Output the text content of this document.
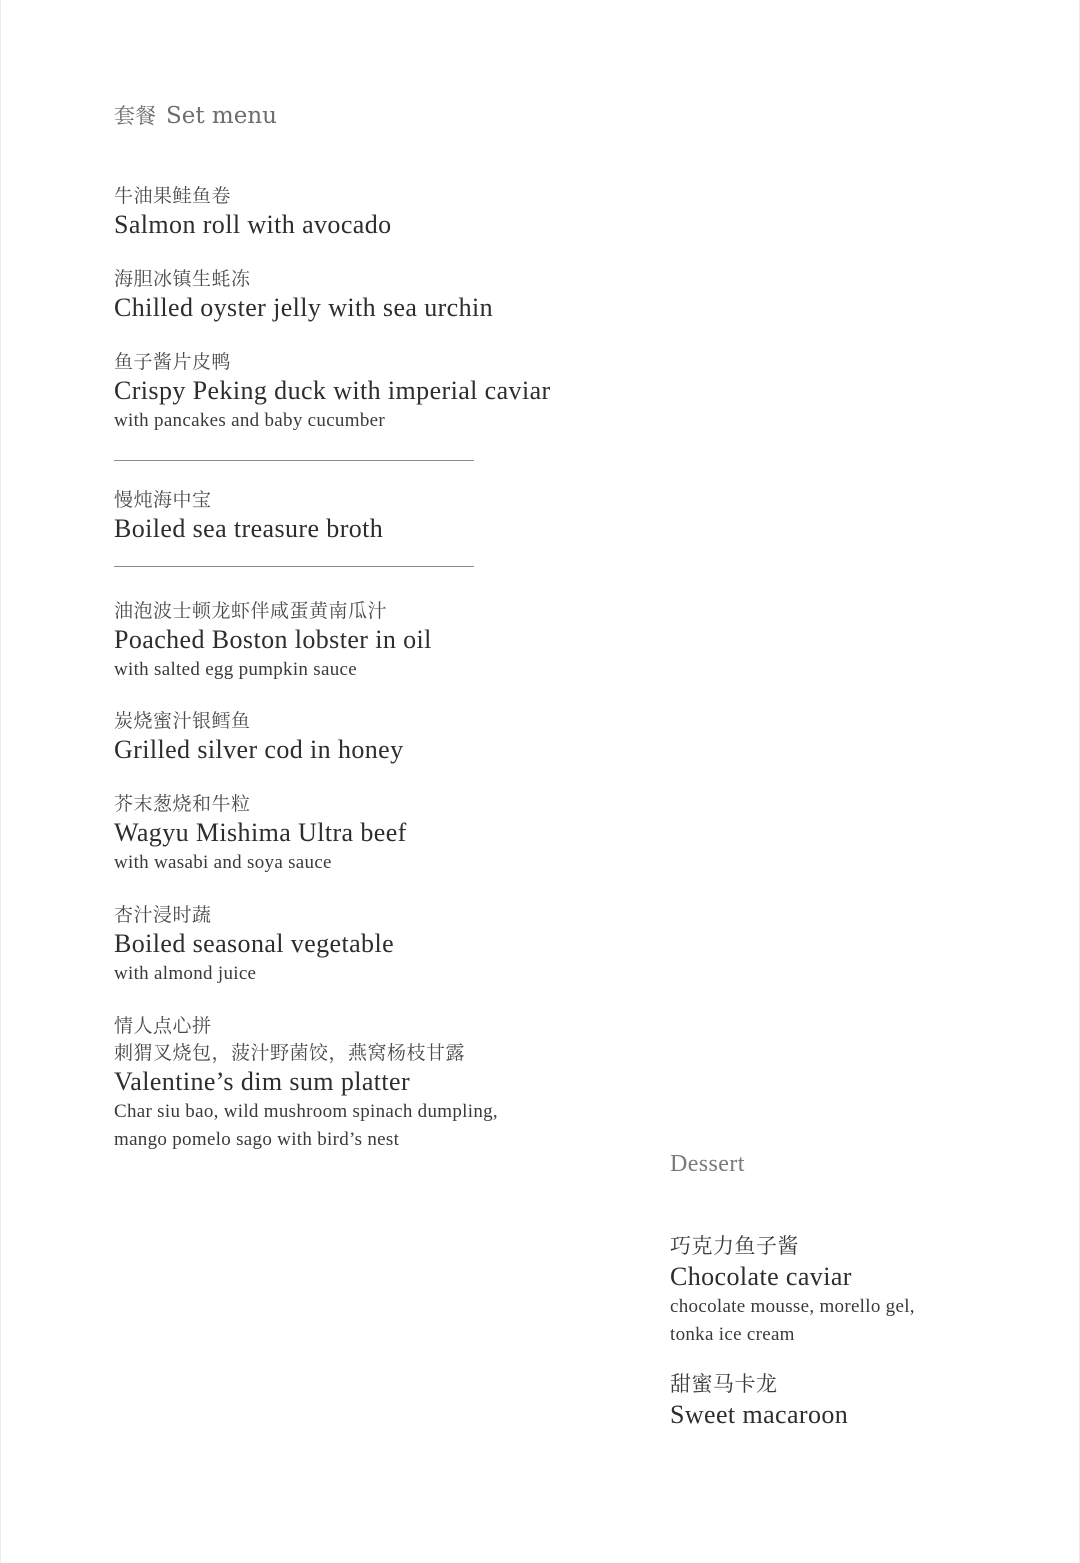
套餐 Set menu
牛油果鲑鱼卷
Salmon roll with avocado
海胆冰镇生蚝冻
Chilled oyster jelly with sea urchin
鱼子酱片皮鸭
Crispy Peking duck with imperial caviar
with pancakes and baby cucumber
慢炖海中宝
Boiled sea treasure broth
油泡波士顿龙虾伴咸蛋黄南瓜汁
Poached Boston lobster in oil
with salted egg pumpkin sauce
炭烧蜜汁银鳕鱼
Grilled silver cod in honey
芥末葱烧和牛粒
Wagyu Mishima Ultra beef
with wasabi and soya sauce
杏汁浸时蔬
Boiled seasonal vegetable
with almond juice
情人点心拼
刺猬叉烧包，菠汁野菌饺，燕窝杨枝甘露
Valentine’s dim sum platter
Char siu bao, wild mushroom spinach dumpling,
mango pomelo sago with bird’s nest
Dessert
巧克力鱼子酱
Chocolate caviar
chocolate mousse, morello gel,
tonka ice cream
甜蜜马卡龙
Sweet macaroon
